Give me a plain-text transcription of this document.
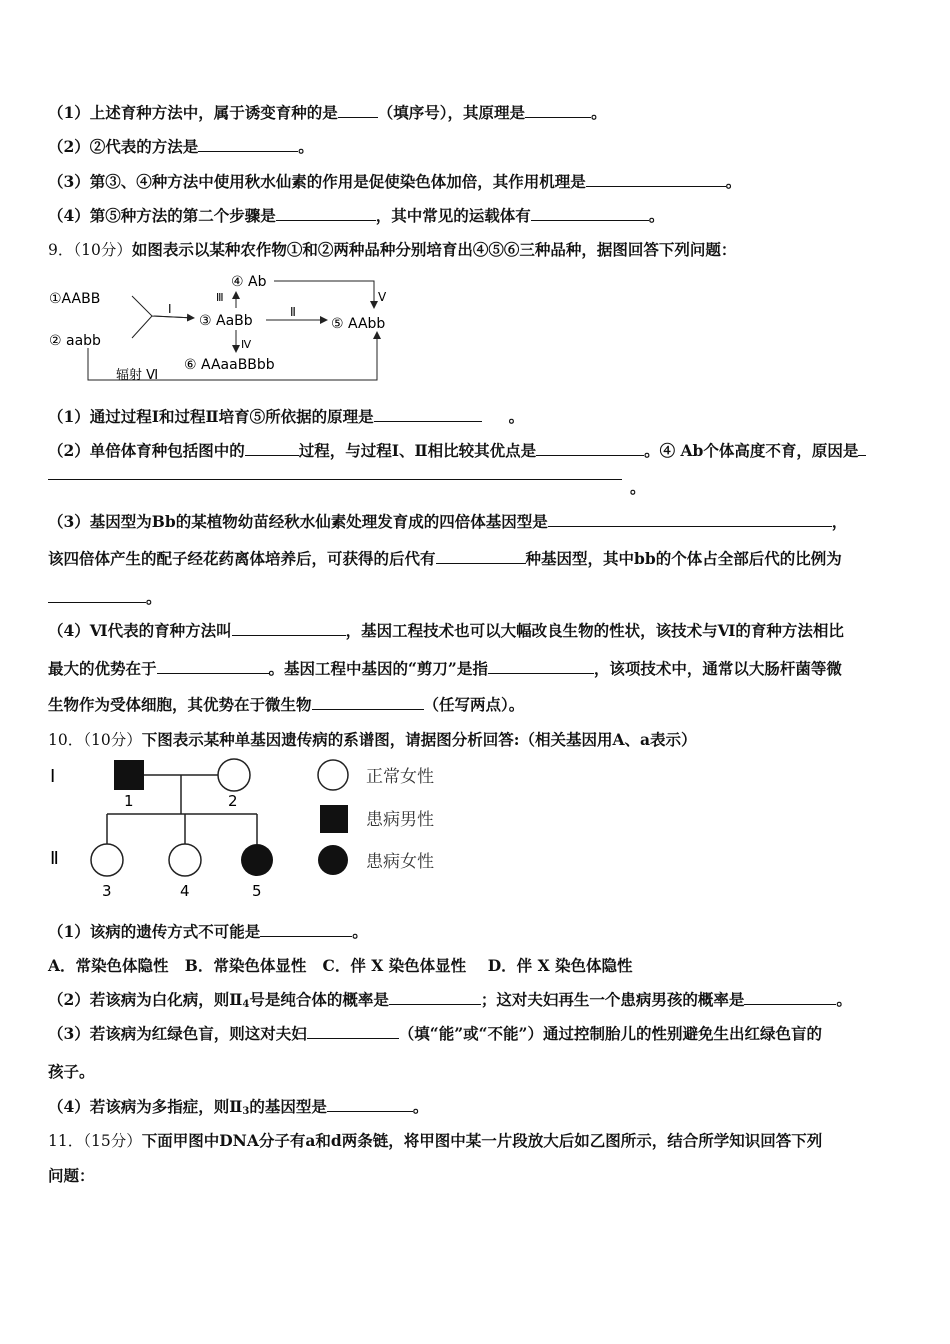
（1）上述育种方法中，属于诱变育种的是	（填序号），其原理是	。
（2）②代表的方法是	。
（3）第③、④种方法中使用秋水仙素的作用是促使染色体加倍，其作用机理是	。
（4）第⑤种方法的第二个步骤是	，其中常见的运载体有	。
9．（10分）如图表示以某种农作物①和②两种品种分别培育出④⑤⑥三种品种，据图回答下列问题：
①AABB
② aabb
④ Ab
③ AaBb	⑤ AAbb
⑥ AAaaBBbb
Ⅰ
Ⅲ
Ⅱ
Ⅴ
Ⅳ
辐射 Ⅵ
（1）通过过程Ⅰ和过程Ⅱ培育⑤所依据的原理是	。
（2）单倍体育种包括图中的	过程，与过程Ⅰ、Ⅱ相比较其优点是	。④ Ab个体高度不育，原因是
。
（3）基因型为Bb的某植物幼苗经秋水仙素处理发育成的四倍体基因型是	，
该四倍体产生的配子经花药离体培养后，可获得的后代有	种基因型，其中bb的个体占全部后代的比例为
。
（4）Ⅵ代表的育种方法叫	，基因工程技术也可以大幅改良生物的性状，该技术与Ⅵ的育种方法相比
最大的优势在于	。基因工程中基因的“剪刀”是指	，该项技术中，通常以大肠杆菌等微
生物作为受体细胞，其优势在于微生物	（任写两点）。
10．（10分）下图表示某种单基因遗传病的系谱图，请据图分析回答:（相关基因用A、a表示）
Ⅰ
Ⅱ
1	2
3	4	5
正常女性
患病男性
患病女性
（1）该病的遗传方式不可能是	。
A．常染色体隐性   B．常染色体显性   C．伴 X 染色体显性    D．伴 X 染色体隐性
（2）若该病为白化病，则$Ⅱ_4$号是纯合体的概率是	；这对夫妇再生一个患病男孩的概率是	。
（3）若该病为红绿色盲，则这对夫妇	（填“能”或“不能”）通过控制胎儿的性别避免生出红绿色盲的
孩子。
（4）若该病为多指症，则$Ⅱ_3$的基因型是	。
11．（15分）下面甲图中DNA分子有a和d两条链，将甲图中某一片段放大后如乙图所示，结合所学知识回答下列
问题：
